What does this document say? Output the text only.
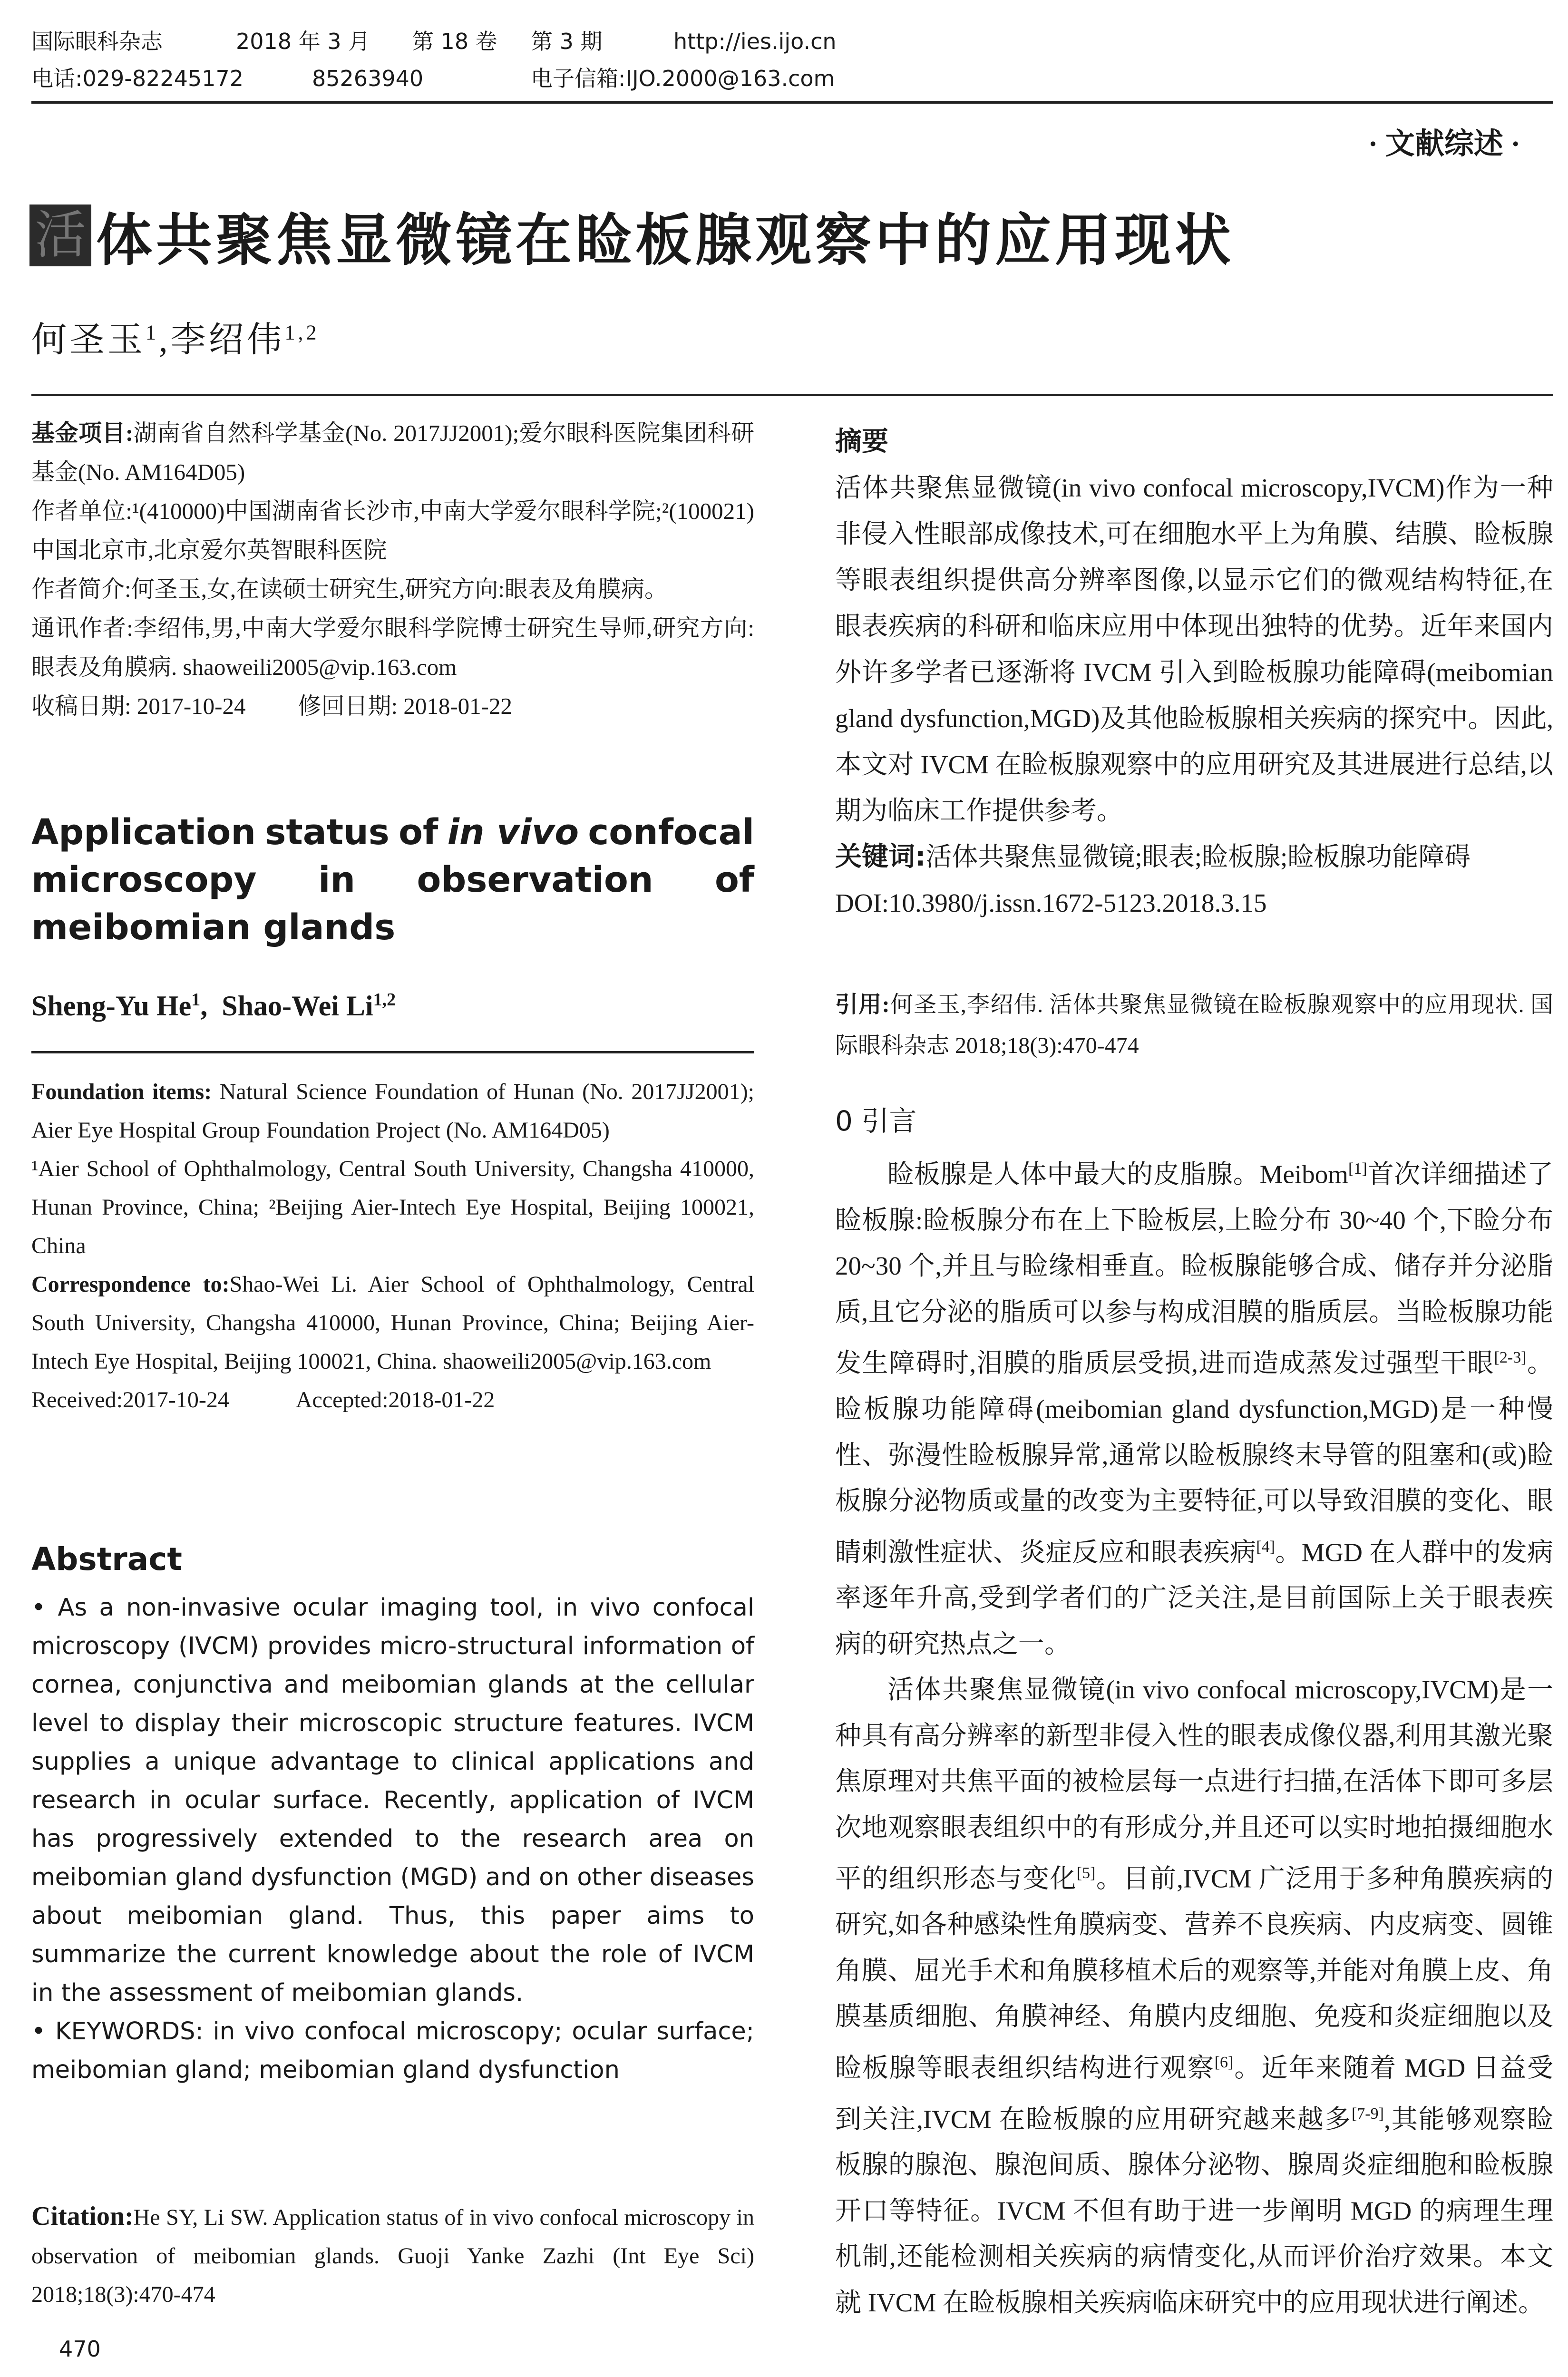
国际眼科杂志	2018 年 3 月	第 18 卷	第 3 期	http://ies.ijo.cn
电话:029-82245172	85263940	电子信箱:IJO.2000@163.com
· 文献综述 ·
活 体共聚焦显微镜在睑板腺观察中的应用现状
何圣玉$^1$,李绍伟$^{1,2}$

基金项目:湖南省自然科学基金(No. 2017JJ2001);爱尔眼科医院集团科研基金(No. AM164D05)

作者单位:¹(410000)中国湖南省长沙市,中南大学爱尔眼科学院;²(100021)中国北京市,北京爱尔英智眼科医院

作者简介:何圣玉,女,在读硕士研究生,研究方向:眼表及角膜病。

通讯作者:李绍伟,男,中南大学爱尔眼科学院博士研究生导师,研究方向:眼表及角膜病. shaoweili2005@vip.163.com

收稿日期: 2017-10-24 修回日期: 2018-01-22

Application status of in vivo confocal
microscopy in observation of
meibomian glands
Sheng-Yu He$^1$,  Shao-Wei Li$^{1,2}$

Foundation items: Natural Science Foundation of Hunan (No. 2017JJ2001); Aier Eye Hospital Group Foundation Project (No. AM164D05)

¹Aier School of Ophthalmology, Central South University, Changsha 410000, Hunan Province, China; ²Beijing Aier-Intech Eye Hospital, Beijing 100021, China

Correspondence to:Shao-Wei Li. Aier School of Ophthalmology, Central South University, Changsha 410000, Hunan Province, China; Beijing Aier-Intech Eye Hospital, Beijing 100021, China. shaoweili2005@vip.163.com

Received:2017-10-24	Accepted:2018-01-22

Abstract

• As a non-invasive ocular imaging tool, in vivo confocal microscopy (IVCM) provides micro-structural information of cornea, conjunctiva and meibomian glands at the cellular level to display their microscopic structure features. IVCM supplies a unique advantage to clinical applications and research in ocular surface. Recently, application of IVCM has progressively extended to the research area on meibomian gland dysfunction (MGD) and on other diseases about meibomian gland. Thus, this paper aims to summarize the current knowledge about the role of IVCM in the assessment of meibomian glands.

• KEYWORDS: in vivo confocal microscopy; ocular surface; meibomian gland; meibomian gland dysfunction

Citation:He SY, Li SW. Application status of in vivo confocal microscopy in observation of meibomian glands. Guoji Yanke Zazhi (Int Eye Sci) 2018;18(3):470-474

470

摘要

活体共聚焦显微镜(in vivo confocal microscopy,IVCM)作为一种非侵入性眼部成像技术,可在细胞水平上为角膜、结膜、睑板腺等眼表组织提供高分辨率图像,以显示它们的微观结构特征,在眼表疾病的科研和临床应用中体现出独特的优势。近年来国内外许多学者已逐渐将 IVCM 引入到睑板腺功能障碍(meibomian gland dysfunction,MGD)及其他睑板腺相关疾病的探究中。因此,本文对 IVCM 在睑板腺观察中的应用研究及其进展进行总结,以期为临床工作提供参考。

关键词:活体共聚焦显微镜;眼表;睑板腺;睑板腺功能障碍

DOI:10.3980/j.issn.1672-5123.2018.3.15

引用:何圣玉,李绍伟. 活体共聚焦显微镜在睑板腺观察中的应用现状. 国际眼科杂志 2018;18(3):470-474

0 引言

睑板腺是人体中最大的皮脂腺。Meibom[1]首次详细描述了睑板腺:睑板腺分布在上下睑板层,上睑分布 30~40 个,下睑分布 20~30 个,并且与睑缘相垂直。睑板腺能够合成、储存并分泌脂质,且它分泌的脂质可以参与构成泪膜的脂质层。当睑板腺功能发生障碍时,泪膜的脂质层受损,进而造成蒸发过强型干眼[2-3]。睑板腺功能障碍(meibomian gland dysfunction,MGD)是一种慢性、弥漫性睑板腺异常,通常以睑板腺终末导管的阻塞和(或)睑板腺分泌物质或量的改变为主要特征,可以导致泪膜的变化、眼睛刺激性症状、炎症反应和眼表疾病[4]。MGD 在人群中的发病率逐年升高,受到学者们的广泛关注,是目前国际上关于眼表疾病的研究热点之一。

活体共聚焦显微镜(in vivo confocal microscopy,IVCM)是一种具有高分辨率的新型非侵入性的眼表成像仪器,利用其激光聚焦原理对共焦平面的被检层每一点进行扫描,在活体下即可多层次地观察眼表组织中的有形成分,并且还可以实时地拍摄细胞水平的组织形态与变化[5]。目前,IVCM 广泛用于多种角膜疾病的研究,如各种感染性角膜病变、营养不良疾病、内皮病变、圆锥角膜、屈光手术和角膜移植术后的观察等,并能对角膜上皮、角膜基质细胞、角膜神经、角膜内皮细胞、免疫和炎症细胞以及睑板腺等眼表组织结构进行观察[6]。近年来随着 MGD 日益受到关注,IVCM 在睑板腺的应用研究越来越多[7-9],其能够观察睑板腺的腺泡、腺泡间质、腺体分泌物、腺周炎症细胞和睑板腺开口等特征。IVCM 不但有助于进一步阐明 MGD 的病理生理机制,还能检测相关疾病的病情变化,从而评价治疗效果。本文就 IVCM 在睑板腺相关疾病临床研究中的应用现状进行阐述。
